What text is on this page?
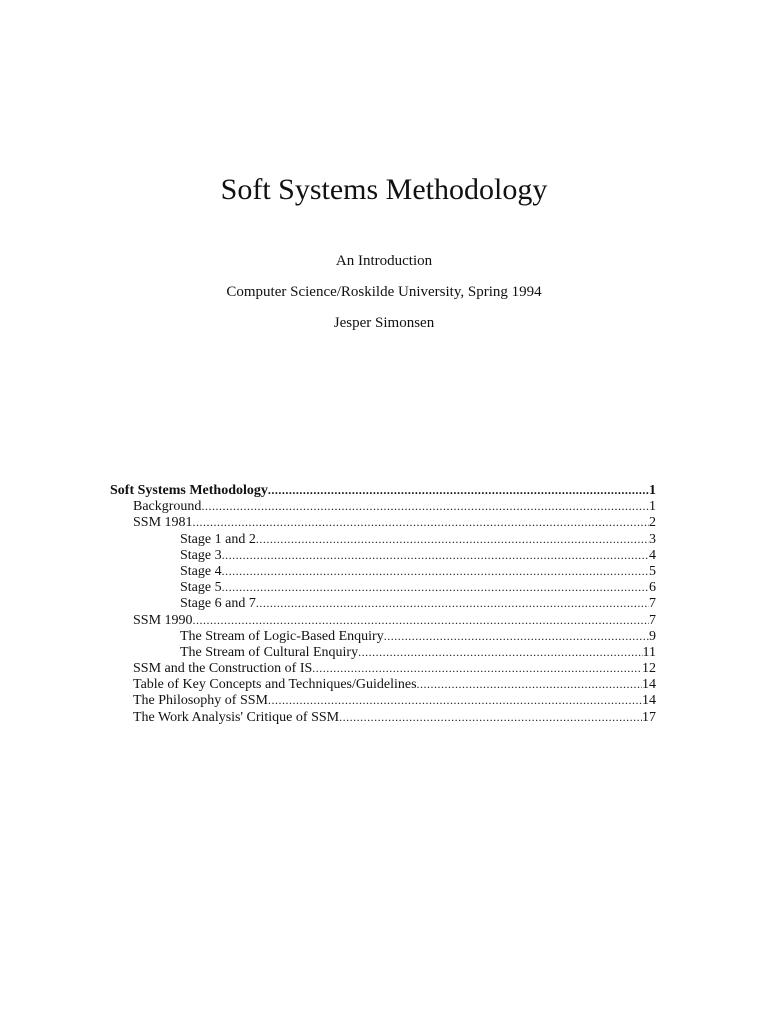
Soft Systems Methodology
An Introduction
Computer Science/Roskilde University, Spring 1994
Jesper Simonsen
Soft Systems Methodology .....	1
Background .....	1
SSM 1981 .....	2
Stage 1 and 2 .....	3
Stage 3 .....	4
Stage 4 .....	5
Stage 5 .....	6
Stage 6 and 7 .....	7
SSM 1990 .....	7
The Stream of Logic-Based Enquiry .....	9
The Stream of Cultural Enquiry .....	11
SSM and the Construction of IS .....	12
Table of Key Concepts and Techniques/Guidelines .....	14
The Philosophy of SSM .....	14
The Work Analysis' Critique of SSM .....	17
